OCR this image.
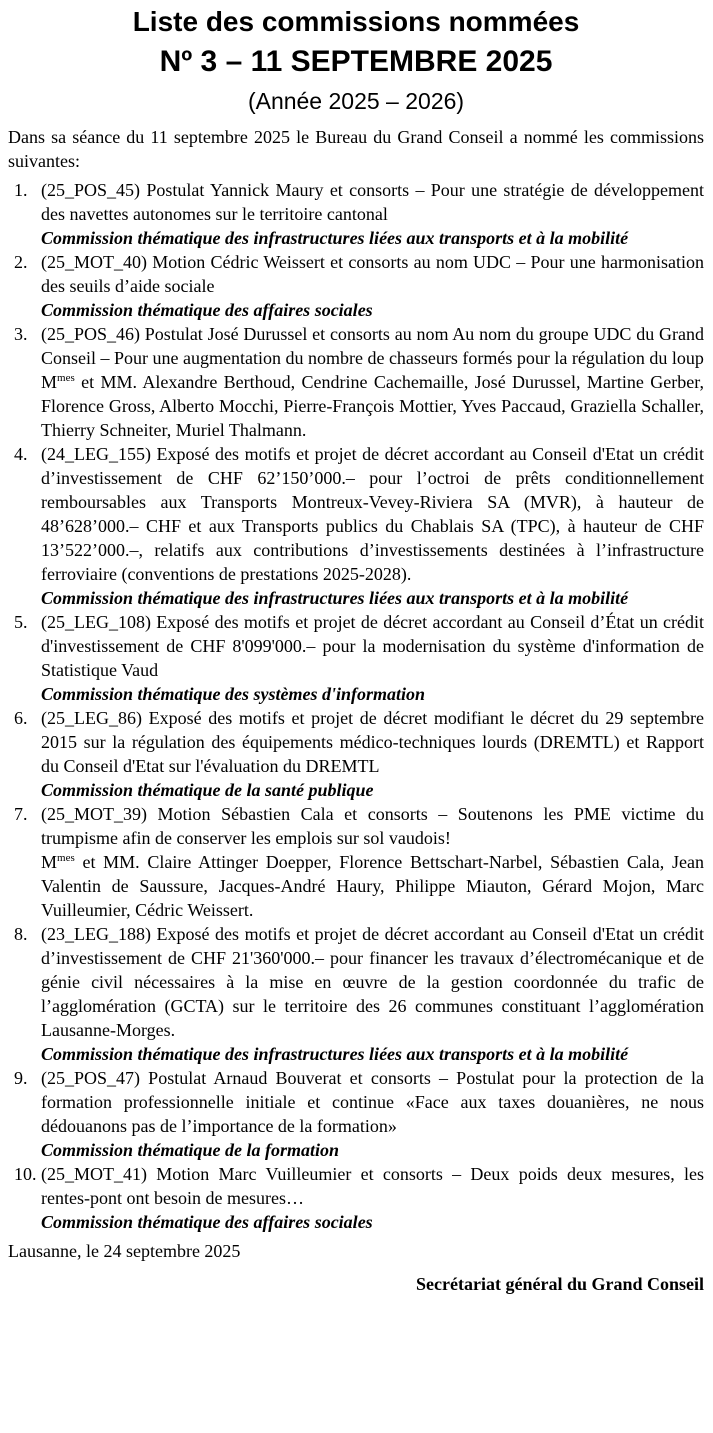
Liste des commissions nommées
Nº 3 – 11 SEPTEMBRE 2025
(Année 2025 – 2026)

Dans sa séance du 11 septembre 2025 le Bureau du Grand Conseil a nommé les commissions suivantes:

1. (25_POS_45) Postulat Yannick Maury et consorts – Pour une stratégie de développement des navettes autonomes sur le territoire cantonal

Commission thématique des infrastructures liées aux transports et à la mobilité

2. (25_MOT_40) Motion Cédric Weissert et consorts au nom UDC – Pour une harmonisation des seuils d’aide sociale

Commission thématique des affaires sociales

3. (25_POS_46) Postulat José Durussel et consorts au nom Au nom du groupe UDC du Grand Conseil – Pour une augmentation du nombre de chasseurs formés pour la régulation du loup

$M^{mes}$ et MM. Alexandre Berthoud, Cendrine Cachemaille, José Durussel, Martine Gerber, Florence Gross, Alberto Mocchi, Pierre-François Mottier, Yves Paccaud, Graziella Schaller, Thierry Schneiter, Muriel Thalmann.

4. (24_LEG_155) Exposé des motifs et projet de décret accordant au Conseil d'Etat un crédit d’investissement de CHF 62’150’000.– pour l’octroi de prêts conditionnellement remboursables aux Transports Montreux-Vevey-Riviera SA (MVR), à hauteur de 48’628’000.– CHF et aux Transports publics du Chablais SA (TPC), à hauteur de CHF 13’522’000.–, relatifs aux contributions d’investissements destinées à l’infrastructure ferroviaire (conventions de prestations 2025-2028).

Commission thématique des infrastructures liées aux transports et à la mobilité

5. (25_LEG_108) Exposé des motifs et projet de décret accordant au Conseil d’État un crédit d'investissement de CHF 8'099'000.– pour la modernisation du système d'information de Statistique Vaud

Commission thématique des systèmes d'information

6. (25_LEG_86) Exposé des motifs et projet de décret modifiant le décret du 29 septembre 2015 sur la régulation des équipements médico-techniques lourds (DREMTL) et Rapport du Conseil d'Etat sur l'évaluation du DREMTL

Commission thématique de la santé publique

7. (25_MOT_39) Motion Sébastien Cala et consorts – Soutenons les PME victime du trumpisme afin de conserver les emplois sur sol vaudois!

$M^{mes}$ et MM. Claire Attinger Doepper, Florence Bettschart-Narbel, Sébastien Cala, Jean Valentin de Saussure, Jacques-André Haury, Philippe Miauton, Gérard Mojon, Marc Vuilleumier, Cédric Weissert.

8. (23_LEG_188) Exposé des motifs et projet de décret accordant au Conseil d'Etat un crédit d’investissement de CHF 21'360'000.– pour financer les travaux d’électromécanique et de génie civil nécessaires à la mise en œuvre de la gestion coordonnée du trafic de l’agglomération (GCTA) sur le territoire des 26 communes constituant l’agglomération Lausanne-Morges.

Commission thématique des infrastructures liées aux transports et à la mobilité

9. (25_POS_47) Postulat Arnaud Bouverat et consorts – Postulat pour la protection de la formation professionnelle initiale et continue «Face aux taxes douanières, ne nous dédouanons pas de l’importance de la formation»

Commission thématique de la formation

10. (25_MOT_41) Motion Marc Vuilleumier et consorts – Deux poids deux mesures, les rentes-pont ont besoin de mesures…

Commission thématique des affaires sociales

Lausanne, le 24 septembre 2025
Secrétariat général du Grand Conseil
